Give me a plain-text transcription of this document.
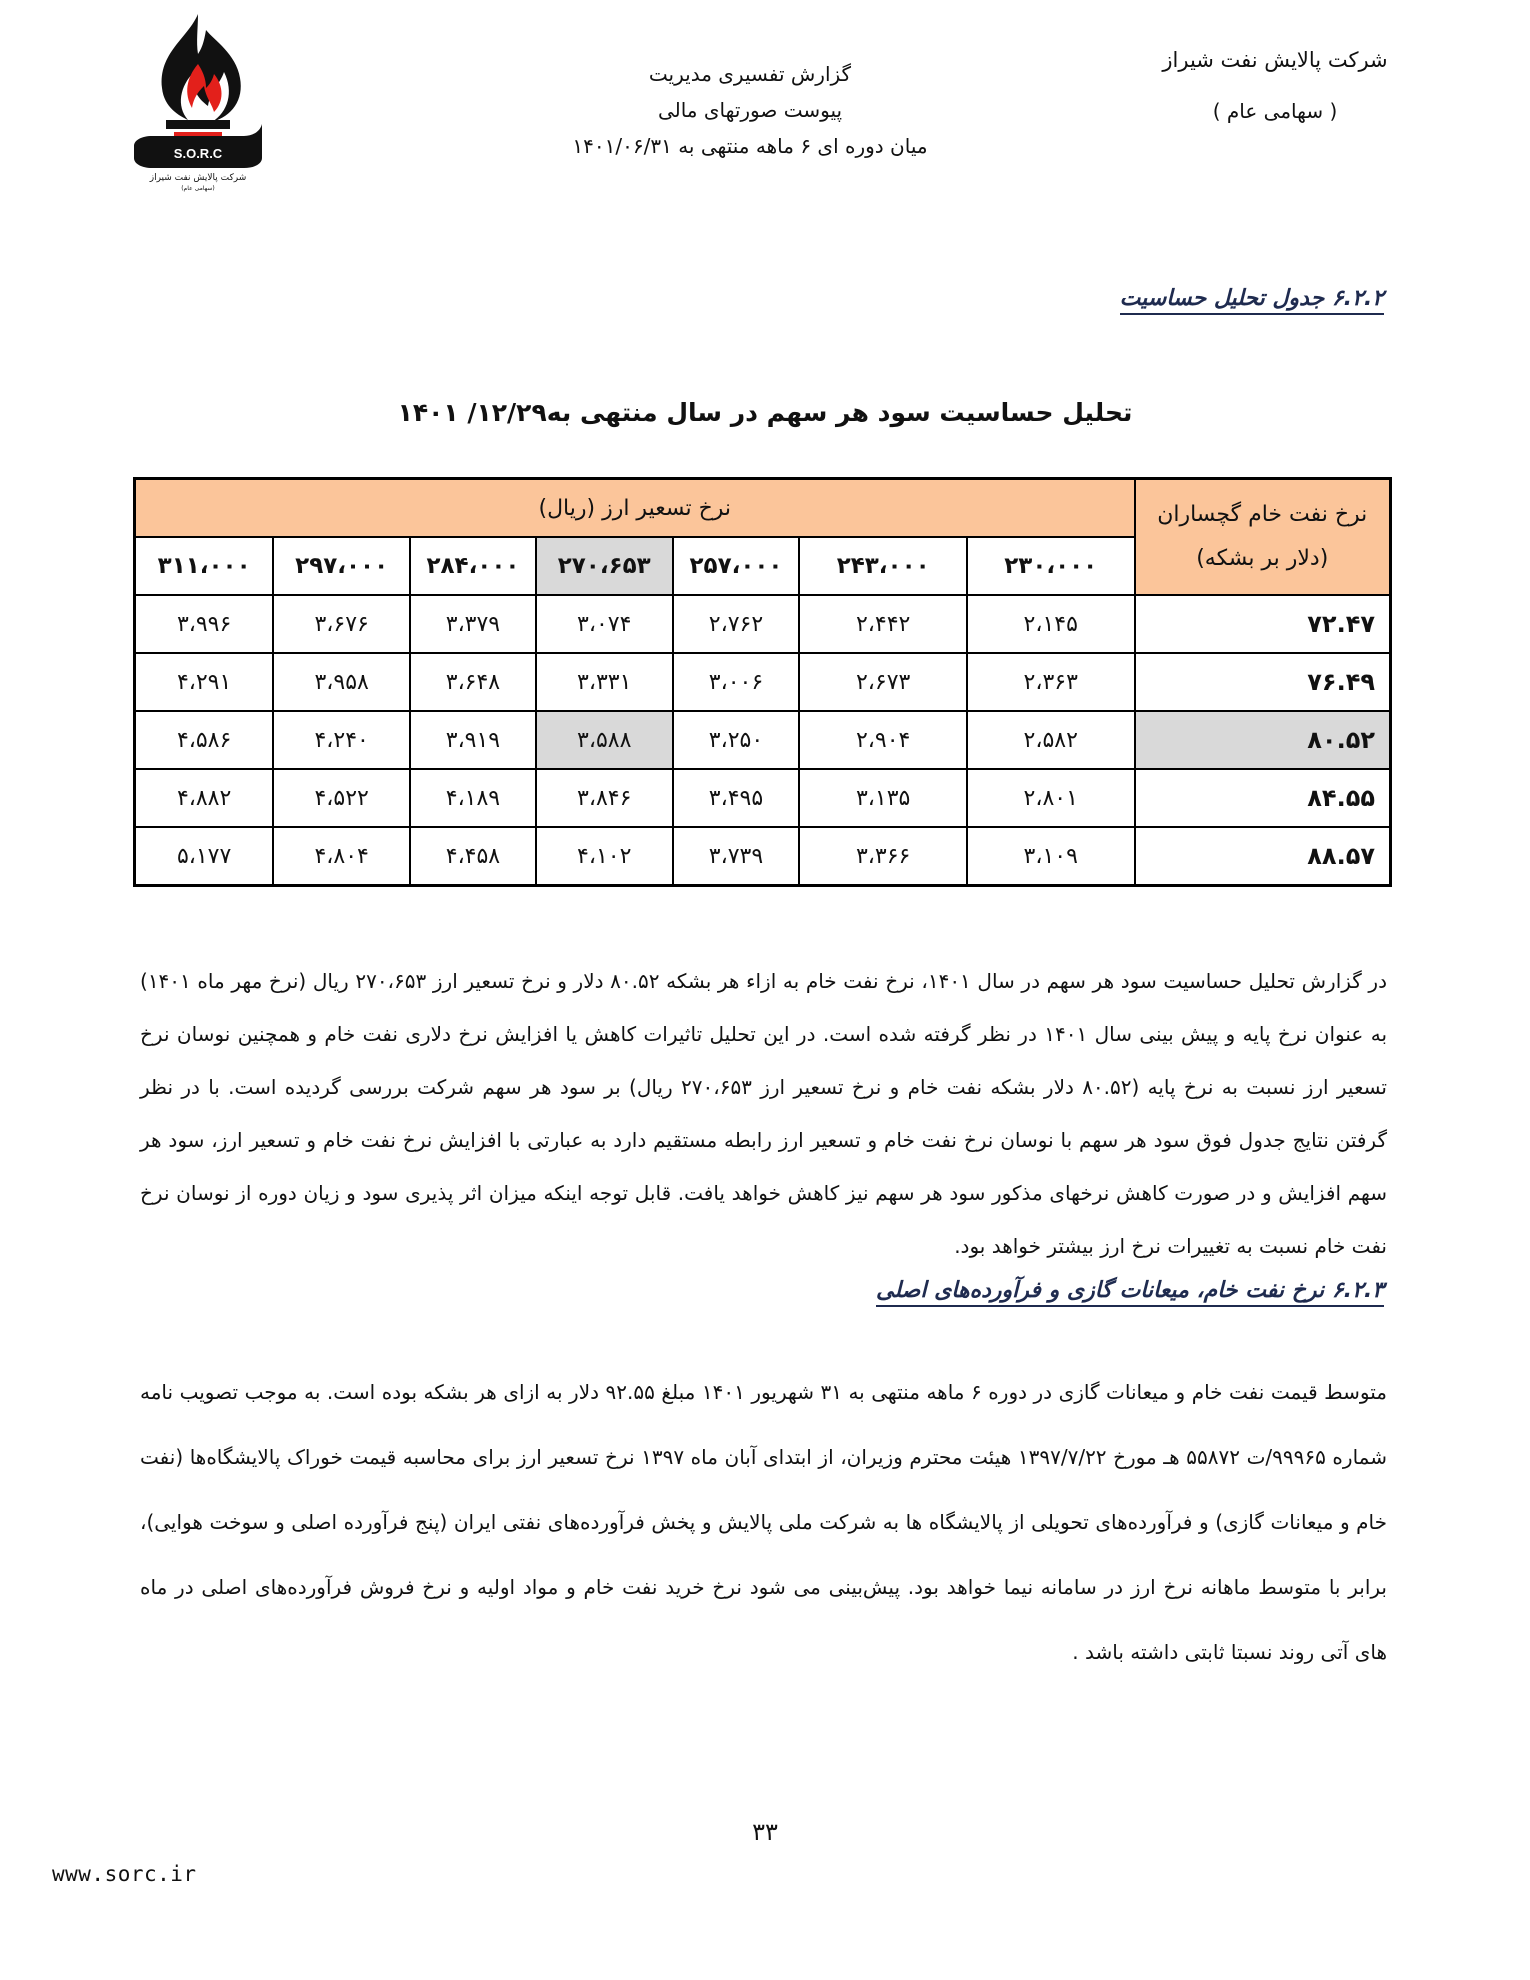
شرکت پالایش نفت شیراز
( سهامی عام )
گزارش تفسیری مدیریت
پیوست صورتهای مالی
میان دوره ای ۶ ماهه منتهی به ۱۴۰۱/۰۶/۳۱
S.O.R.C
شرکت پالایش نفت شیراز
(سهامی عام)
۶.۲.۲ جدول تحلیل حساسیت
تحلیل حساسیت سود هر سهم در سال منتهی به۱۲/۲۹/ ۱۴۰۱
نرخ نفت خام گچساران
(دلار بر بشکه)	نرخ تسعیر ارز (ریال)						
	۲۳۰،۰۰۰	۲۴۳،۰۰۰	۲۵۷،۰۰۰	۲۷۰،۶۵۳	۲۸۴،۰۰۰	۲۹۷،۰۰۰	۳۱۱،۰۰۰
۷۲.۴۷	۲،۱۴۵	۲،۴۴۲	۲،۷۶۲	۳،۰۷۴	۳،۳۷۹	۳،۶۷۶	۳،۹۹۶
۷۶.۴۹	۲،۳۶۳	۲،۶۷۳	۳،۰۰۶	۳،۳۳۱	۳،۶۴۸	۳،۹۵۸	۴،۲۹۱
۸۰.۵۲	۲،۵۸۲	۲،۹۰۴	۳،۲۵۰	۳،۵۸۸	۳،۹۱۹	۴،۲۴۰	۴،۵۸۶
۸۴.۵۵	۲،۸۰۱	۳،۱۳۵	۳،۴۹۵	۳،۸۴۶	۴،۱۸۹	۴،۵۲۲	۴،۸۸۲
۸۸.۵۷	۳،۱۰۹	۳،۳۶۶	۳،۷۳۹	۴،۱۰۲	۴،۴۵۸	۴،۸۰۴	۵،۱۷۷
در گزارش تحلیل حساسیت سود هر سهم در سال ۱۴۰۱، نرخ نفت خام به ازاء هر بشکه ۸۰.۵۲ دلار و نرخ تسعیر ارز ۲۷۰،۶۵۳ ریال (نرخ مهر ماه ۱۴۰۱) به عنوان نرخ پایه و پیش بینی سال ۱۴۰۱ در نظر گرفته شده است. در این تحلیل تاثیرات کاهش یا افزایش نرخ دلاری نفت خام و همچنین نوسان نرخ تسعیر ارز نسبت به نرخ پایه (۸۰.۵۲ دلار بشکه نفت خام و نرخ تسعیر ارز ۲۷۰،۶۵۳ ریال) بر سود هر سهم شرکت بررسی گردیده است. با در نظر گرفتن نتایج جدول فوق سود هر سهم با نوسان نرخ نفت خام و تسعیر ارز رابطه مستقیم دارد به عبارتی با افزایش نرخ نفت خام و تسعیر ارز، سود هر سهم افزایش و در صورت کاهش نرخهای مذکور سود هر سهم نیز کاهش خواهد یافت. قابل توجه اینکه میزان اثر پذیری سود و زیان دوره از نوسان نرخ نفت خام نسبت به تغییرات نرخ ارز بیشتر خواهد بود.
۶.۲.۳ نرخ نفت خام، میعانات گازی و فرآورده‌های اصلی
متوسط قیمت نفت خام و میعانات گازی در دوره ۶ ماهه منتهی به ۳۱ شهریور ۱۴۰۱ مبلغ ۹۲.۵۵ دلار به ازای هر بشکه بوده است. به موجب تصویب نامه شماره ۹۹۹۶۵/ت ۵۵۸۷۲ هـ مورخ ۱۳۹۷/۷/۲۲ هیئت محترم وزیران، از ابتدای آبان ماه ۱۳۹۷ نرخ تسعیر ارز برای محاسبه قیمت خوراک پالایشگاه‌ها (نفت خام و میعانات گازی) و فرآورده‌های تحویلی از پالایشگاه ها به شرکت ملی پالایش و پخش فرآورده‌های نفتی ایران (پنج فرآورده اصلی و سوخت هوایی)، برابر با متوسط ماهانه نرخ ارز در سامانه نیما خواهد بود. پیش‌بینی می شود نرخ خرید نفت خام و مواد اولیه و نرخ فروش فرآورده‌های اصلی در ماه های آتی روند نسبتا ثابتی داشته باشد .
۳۳
www.sorc.ir
